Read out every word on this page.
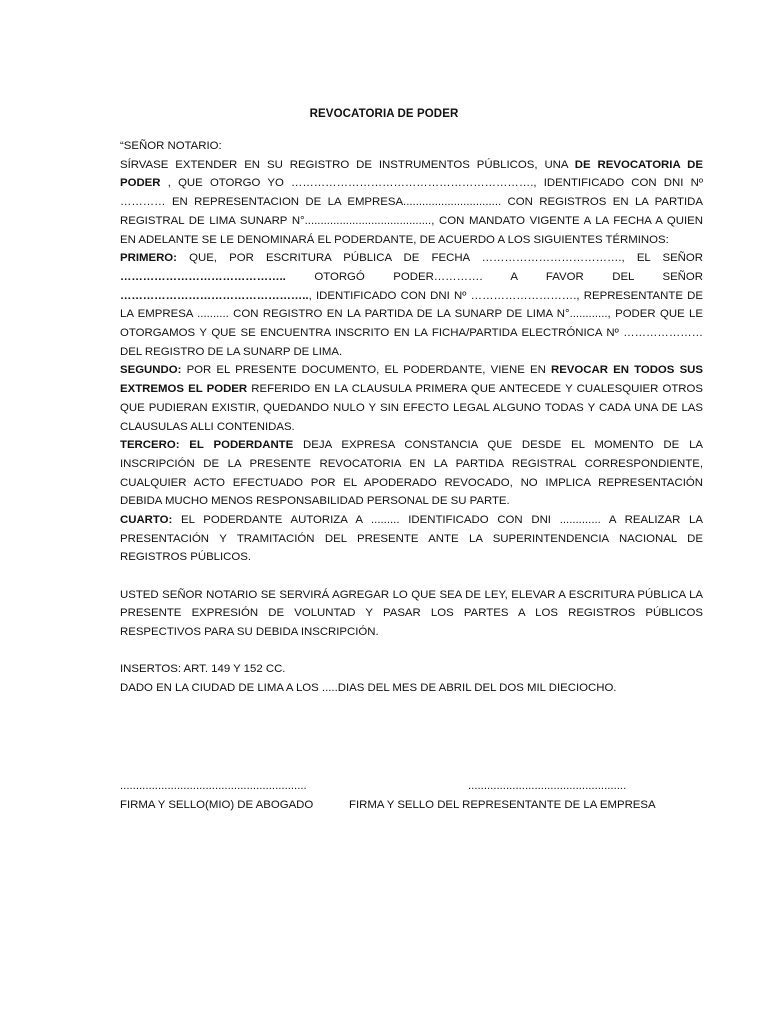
REVOCATORIA DE PODER

“SEÑOR NOTARIO:

SÍRVASE EXTENDER EN SU REGISTRO DE INSTRUMENTOS PÚBLICOS, UNA DE REVOCATORIA DE PODER , QUE OTORGO YO ………………………………………………………., IDENTIFICADO CON DNI Nº ………… EN REPRESENTACION DE LA EMPRESA............................... CON REGISTROS EN LA PARTIDA REGISTRAL DE LIMA SUNARP N°........................................, CON MANDATO VIGENTE A LA FECHA A QUIEN EN ADELANTE SE LE DENOMINARÁ EL PODERDANTE, DE ACUERDO A LOS SIGUIENTES TÉRMINOS:

PRIMERO: QUE, POR ESCRITURA PÚBLICA DE FECHA ………………………………., EL SEÑOR …………………………………….. OTORGÓ PODER…………. A FAVOR DEL SEÑOR ………………………………………….., IDENTIFICADO CON DNI Nº ………………………., REPRESENTANTE DE LA EMPRESA .......... CON REGISTRO EN LA PARTIDA DE LA SUNARP DE LIMA N°............, PODER QUE LE OTORGAMOS Y QUE SE ENCUENTRA INSCRITO EN LA FICHA/PARTIDA ELECTRÓNICA Nº ………………… DEL REGISTRO DE LA SUNARP DE LIMA.

SEGUNDO: POR EL PRESENTE DOCUMENTO, EL PODERDANTE, VIENE EN REVOCAR EN TODOS SUS EXTREMOS EL PODER REFERIDO EN LA CLAUSULA PRIMERA QUE ANTECEDE Y CUALESQUIER OTROS QUE PUDIERAN EXISTIR, QUEDANDO NULO Y SIN EFECTO LEGAL ALGUNO TODAS Y CADA UNA DE LAS CLAUSULAS ALLI CONTENIDAS.

TERCERO: EL PODERDANTE DEJA EXPRESA CONSTANCIA QUE DESDE EL MOMENTO DE LA INSCRIPCIÓN DE LA PRESENTE REVOCATORIA EN LA PARTIDA REGISTRAL CORRESPONDIENTE, CUALQUIER ACTO EFECTUADO POR EL APODERADO REVOCADO, NO IMPLICA REPRESENTACIÓN DEBIDA MUCHO MENOS RESPONSABILIDAD PERSONAL DE SU PARTE.

CUARTO: EL PODERDANTE AUTORIZA A ......... IDENTIFICADO CON DNI ............. A REALIZAR LA PRESENTACIÓN Y TRAMITACIÓN DEL PRESENTE ANTE LA SUPERINTENDENCIA NACIONAL DE REGISTROS PÚBLICOS.

USTED SEÑOR NOTARIO SE SERVIRÁ AGREGAR LO QUE SEA DE LEY, ELEVAR A ESCRITURA PÚBLICA LA PRESENTE EXPRESIÓN DE VOLUNTAD Y PASAR LOS PARTES A LOS REGISTROS PÚBLICOS RESPECTIVOS PARA SU DEBIDA INSCRIPCIÓN.

INSERTOS: ART. 149 Y 152 CC.

DADO EN LA CIUDAD DE LIMA A LOS .....DIAS DEL MES DE ABRIL DEL DOS MIL DIECIOCHO.

...........................................................	..................................................
FIRMA Y SELLO(MIO) DE ABOGADO	FIRMA Y SELLO DEL REPRESENTANTE DE LA EMPRESA
